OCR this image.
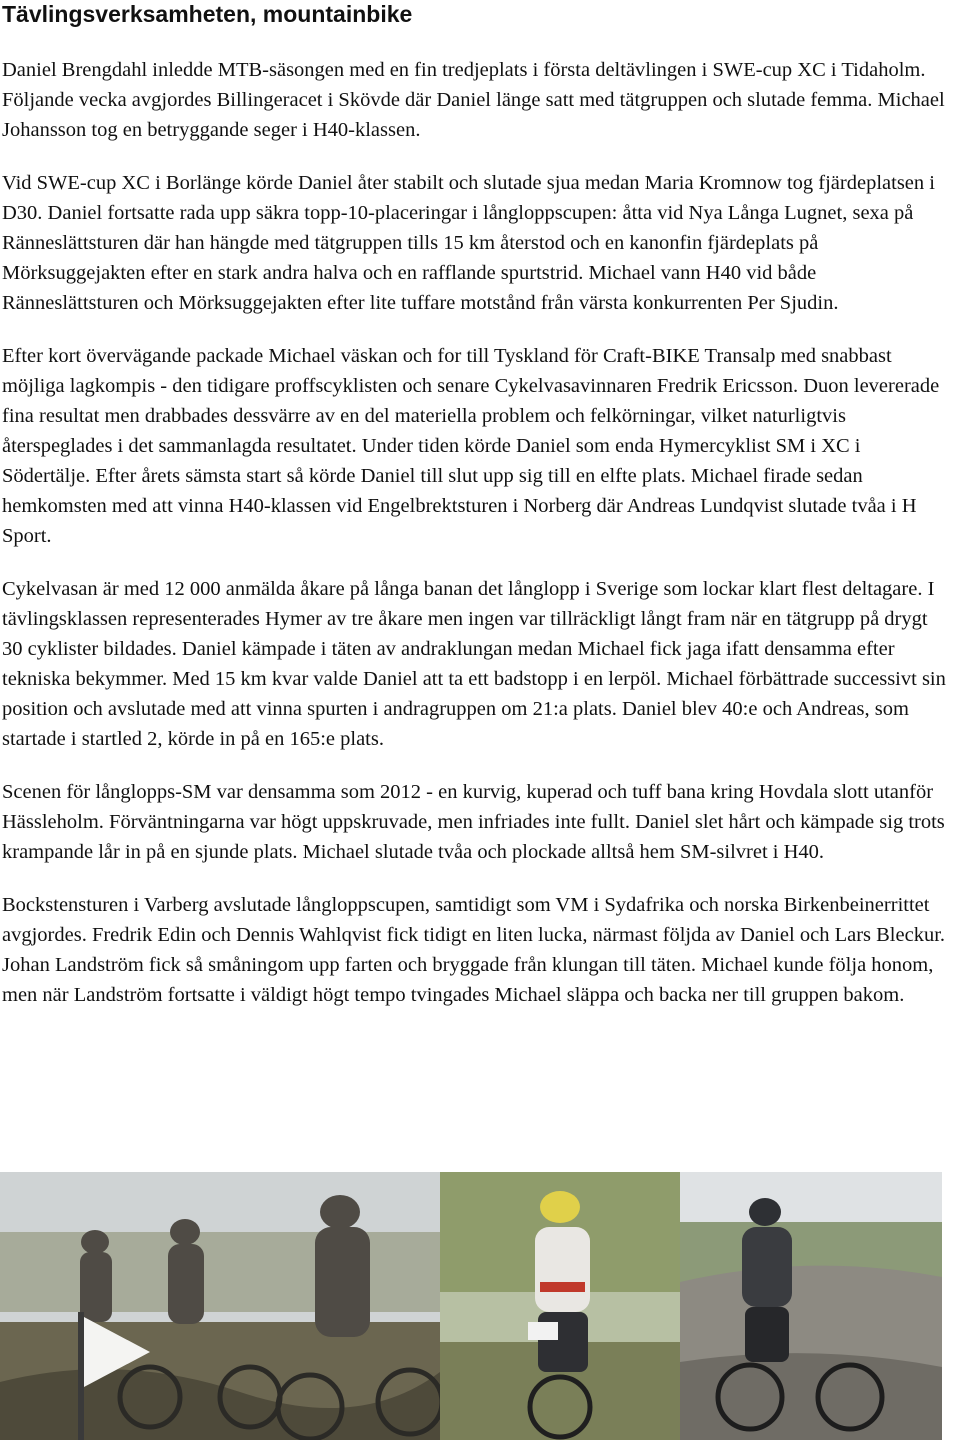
Tävlingsverksamheten, mountainbike

Daniel Brengdahl inledde MTB-säsongen med en fin tredjeplats i första deltävlingen i SWE-cup XC i Tidaholm. Följande vecka avgjordes Billingeracet i Skövde där Daniel länge satt med tätgruppen och slutade femma. Michael Johansson tog en betryggande seger i H40-klassen.

Vid SWE-cup XC i Borlänge körde Daniel åter stabilt och slutade sjua medan Maria Kromnow tog fjärdeplatsen i D30. Daniel fortsatte rada upp säkra topp-10-placeringar i långloppscupen: åtta vid Nya Långa Lugnet, sexa på Ränneslättsturen där han hängde med tätgruppen tills 15 km återstod och en kanonfin fjärdeplats på Mörksuggejakten efter en stark andra halva och en rafflande spurtstrid. Michael vann H40 vid både Ränneslättsturen och Mörksuggejakten efter lite tuffare motstånd från värsta konkurrenten Per Sjudin.

Efter kort övervägande packade Michael väskan och for till Tyskland för Craft-BIKE Transalp med snabbast möjliga lagkompis - den tidigare proffscyklisten och senare Cykelvasavinnaren Fredrik Ericsson. Duon levererade fina resultat men drabbades dessvärre av en del materiella problem och felkörningar, vilket naturligtvis återspeglades i det sammanlagda resultatet. Under tiden körde Daniel som enda Hymercyklist SM i XC i Södertälje. Efter årets sämsta start så körde Daniel till slut upp sig till en elfte plats. Michael firade sedan hemkomsten med att vinna H40-klassen vid Engelbrektsturen i Norberg där Andreas Lundqvist slutade tvåa i H Sport.

Cykelvasan är med 12 000 anmälda åkare på långa banan det långlopp i Sverige som lockar klart flest deltagare. I tävlingsklassen representerades Hymer av tre åkare men ingen var tillräckligt långt fram när en tätgrupp på drygt 30 cyklister bildades. Daniel kämpade i täten av andraklungan medan Michael fick jaga ifatt densamma efter tekniska bekymmer. Med 15 km kvar valde Daniel att ta ett badstopp i en lerpöl. Michael förbättrade successivt sin position och avslutade med att vinna spurten i andragruppen om 21:a plats. Daniel blev 40:e och Andreas, som startade i startled 2, körde in på en 165:e plats.

Scenen för långlopps-SM var densamma som 2012 - en kurvig, kuperad och tuff bana kring Hovdala slott utanför Hässleholm. Förväntningarna var högt uppskruvade, men infriades inte fullt. Daniel slet hårt och kämpade sig trots krampande lår in på en sjunde plats. Michael slutade tvåa och plockade alltså hem SM-silvret i H40.

Bockstensturen i Varberg avslutade långloppscupen, samtidigt som VM i Sydafrika och norska Birkenbeinerrittet avgjordes. Fredrik Edin och Dennis Wahlqvist fick tidigt en liten lucka, närmast följda av Daniel och Lars Bleckur. Johan Landström fick så småningom upp farten och bryggade från klungan till täten. Michael kunde följa honom, men när Landström fortsatte i väldigt högt tempo tvingades Michael släppa och backa ner till gruppen bakom.
